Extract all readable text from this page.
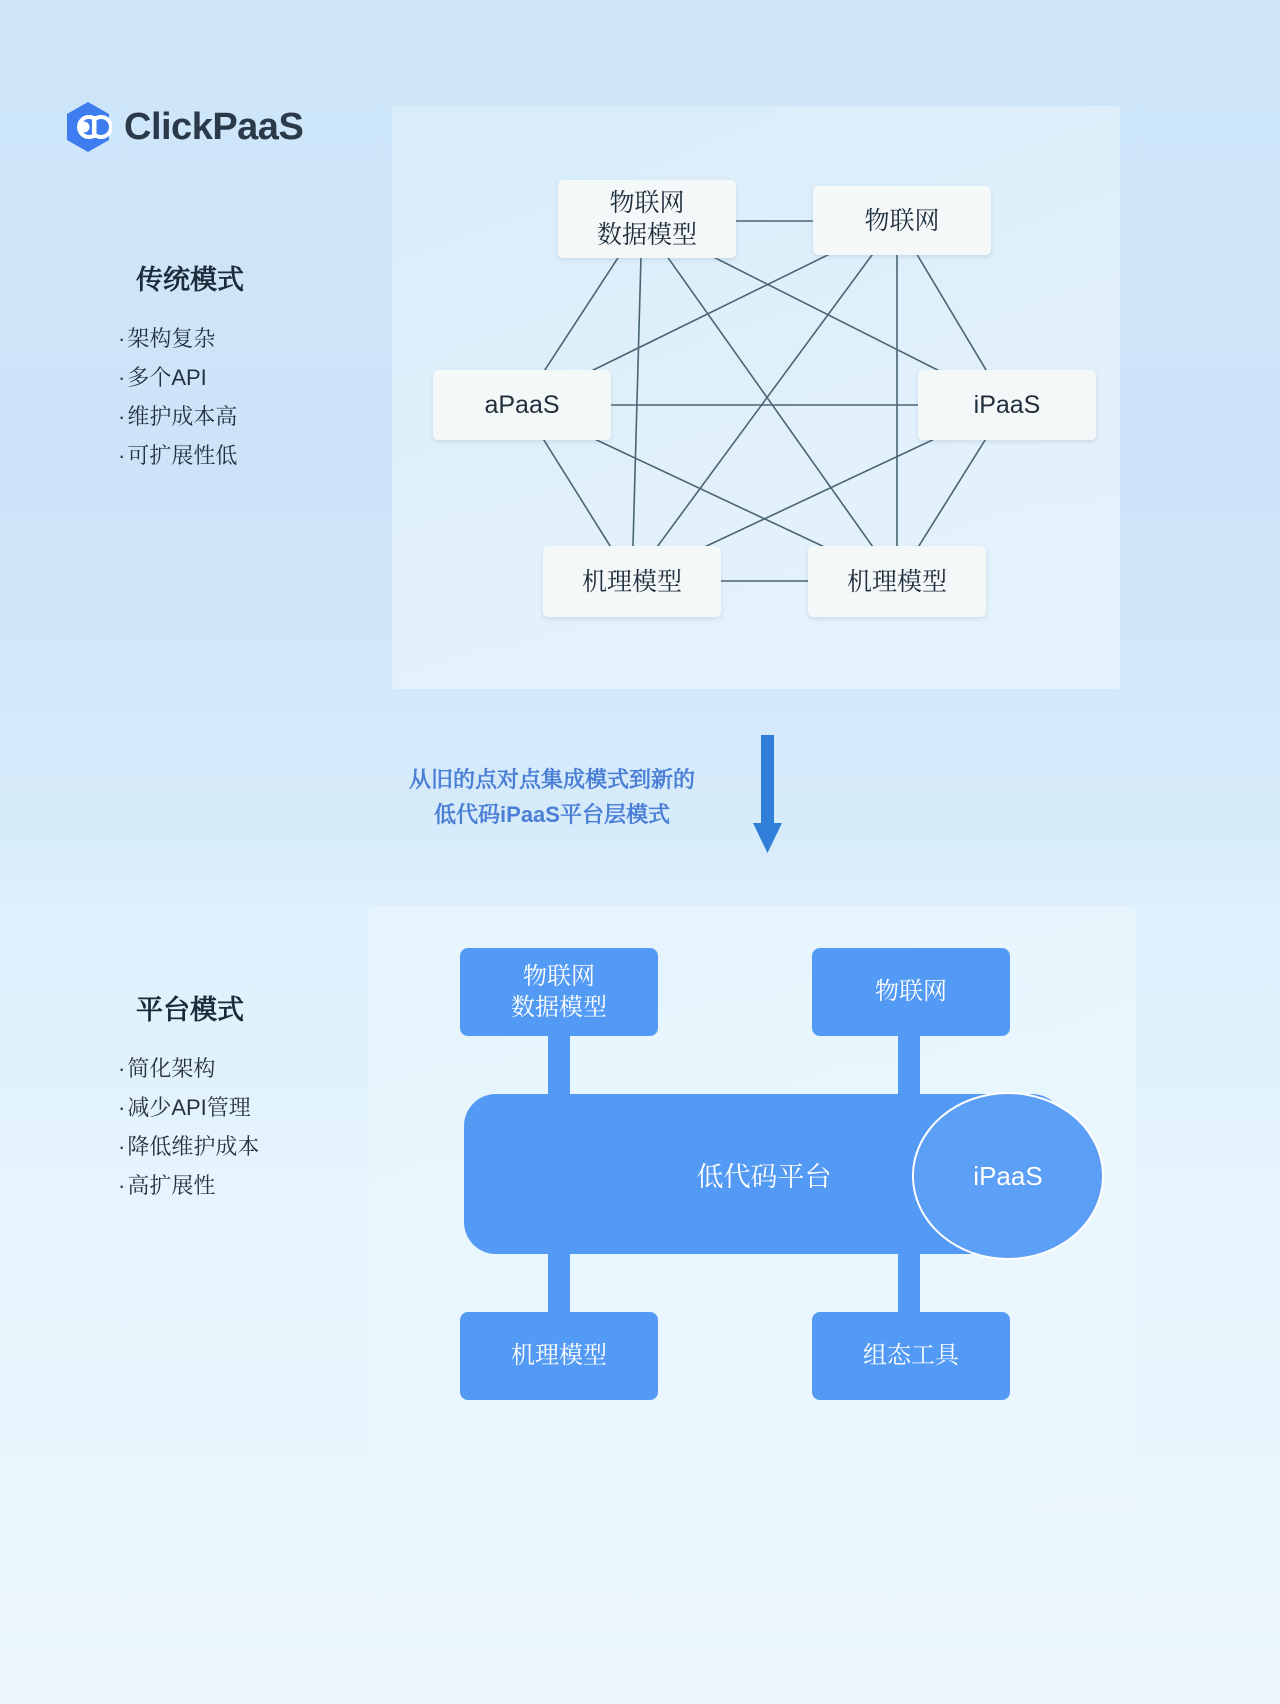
ClickPaaS
传统模式
·架构复杂
·多个API
·维护成本高
·可扩展性低
物联网
数据模型
物联网
aPaaS	iPaaS
机理模型	机理模型
从旧的点对点集成模式到新的
低代码iPaaS平台层模式
平台模式
·简化架构
·减少API管理
·降低维护成本
·高扩展性
物联网
数据模型
物联网
低代码平台	iPaaS
机理模型	组态工具
